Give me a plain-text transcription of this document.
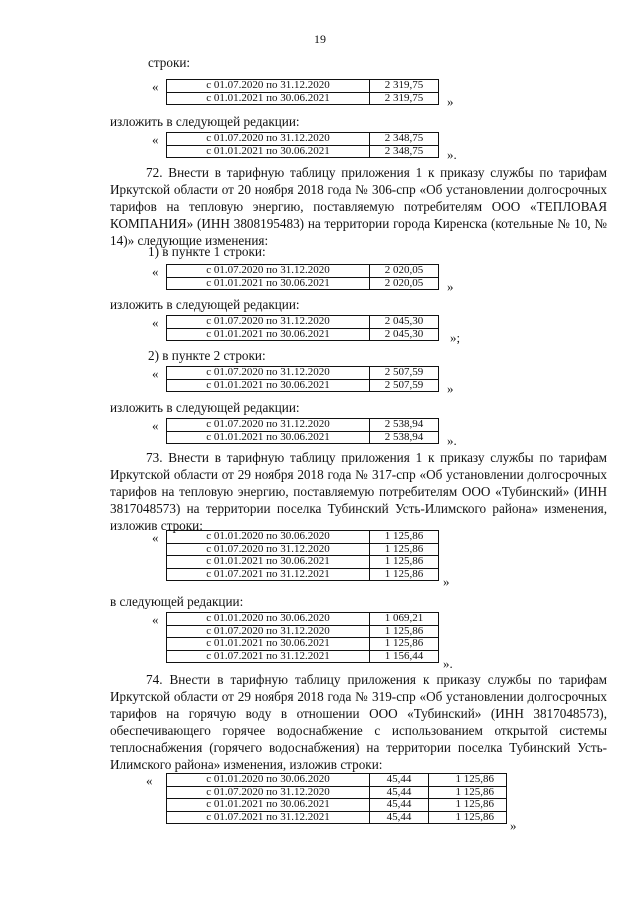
19
строки:
«	с 01.07.2020 по 31.12.2020	2 319,75
с 01.01.2021 по 30.06.2021	2 319,75 »
изложить в следующей редакции:
«	с 01.07.2020 по 31.12.2020	2 348,75
с 01.01.2021 по 30.06.2021	2 348,75 ».
72. Внести в тарифную таблицу приложения 1 к приказу службы по тарифам Иркутской области от 20 ноября 2018 года № 306-спр «Об установлении долгосрочных тарифов на тепловую энергию, поставляемую потребителям ООО «ТЕПЛОВАЯ КОМПАНИЯ» (ИНН 3808195483) на территории города Киренска (котельные № 10, № 14)» следующие изменения:
1) в пункте 1 строки:
«	с 01.07.2020 по 31.12.2020	2 020,05
с 01.01.2021 по 30.06.2021	2 020,05 »
изложить в следующей редакции:
«	с 01.07.2020 по 31.12.2020	2 045,30
с 01.01.2021 по 30.06.2021	2 045,30 »;
2) в пункте 2 строки:
«	с 01.07.2020 по 31.12.2020	2 507,59
с 01.01.2021 по 30.06.2021	2 507,59 »
изложить в следующей редакции:
«	с 01.07.2020 по 31.12.2020	2 538,94
с 01.01.2021 по 30.06.2021	2 538,94 ».
73. Внести в тарифную таблицу приложения 1 к приказу службы по тарифам Иркутской области от 29 ноября 2018 года № 317-спр «Об установлении долгосрочных тарифов на тепловую энергию, поставляемую потребителям ООО «Тубинский» (ИНН 3817048573) на территории поселка Тубинский Усть-Илимского района» изменения, изложив строки:
«	с 01.01.2020 по 30.06.2020	1 125,86
с 01.07.2020 по 31.12.2020	1 125,86
с 01.01.2021 по 30.06.2021	1 125,86
с 01.07.2021 по 31.12.2021	1 125,86
»
в следующей редакции:
«	с 01.01.2020 по 30.06.2020	1 069,21
с 01.07.2020 по 31.12.2020	1 125,86
с 01.01.2021 по 30.06.2021	1 125,86
с 01.07.2021 по 31.12.2021	1 156,44
».
74. Внести в тарифную таблицу приложения к приказу службы по тарифам Иркутской области от 29 ноября 2018 года № 319-спр «Об установлении долгосрочных тарифов на горячую воду в отношении ООО «Тубинский» (ИНН 3817048573), обеспечивающего горячее водоснабжение с использованием открытой системы теплоснабжения (горячего водоснабжения) на территории поселка Тубинский Усть-Илимского района» изменения, изложив строки:
«	с 01.01.2020 по 30.06.2020	45,44	1 125,86
с 01.07.2020 по 31.12.2020	45,44	1 125,86
с 01.01.2021 по 30.06.2021	45,44	1 125,86
с 01.07.2021 по 31.12.2021	45,44	1 125,86
»
